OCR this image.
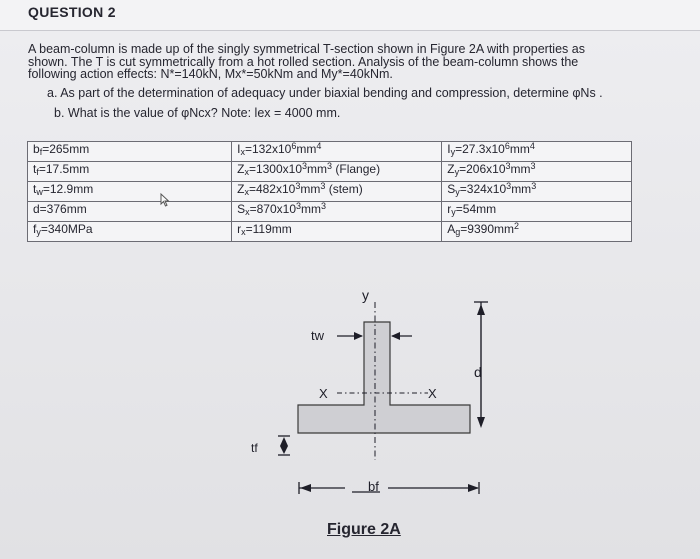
QUESTION 2
A beam-column is made up of the singly symmetrical T-section shown in Figure 2A with properties as
shown. The T is cut symmetrically from a hot rolled section. Analysis of the beam-column shows the
following action effects: N*=140kN, Mx*=50kNm and My*=40kNm.
a. As part of the determination of adequacy under biaxial bending and compression, determine φNs .
b. What is the value of φNcx? Note: lex = 4000 mm.
$b_f=265mm$	$I_x=132x10^6mm^4$	$I_y=27.3x10^6mm^4$

$t_f=17.5mm$	$Z_x=1300x10^3mm^3$ (Flange)	$Z_y=206x10^3mm^3$

$t_w=12.9mm$	$Z_x=482x10^3mm^3$ (stem)	$S_y=324x10^3mm^3$

d=376mm	$S_x=870x10^3mm^3$	$r_y=54mm$

$f_y=340MPa$	$r_x=119mm$	$A_g=9390mm^2$
y
X	X
tw
d
tf
bf
Figure 2A
